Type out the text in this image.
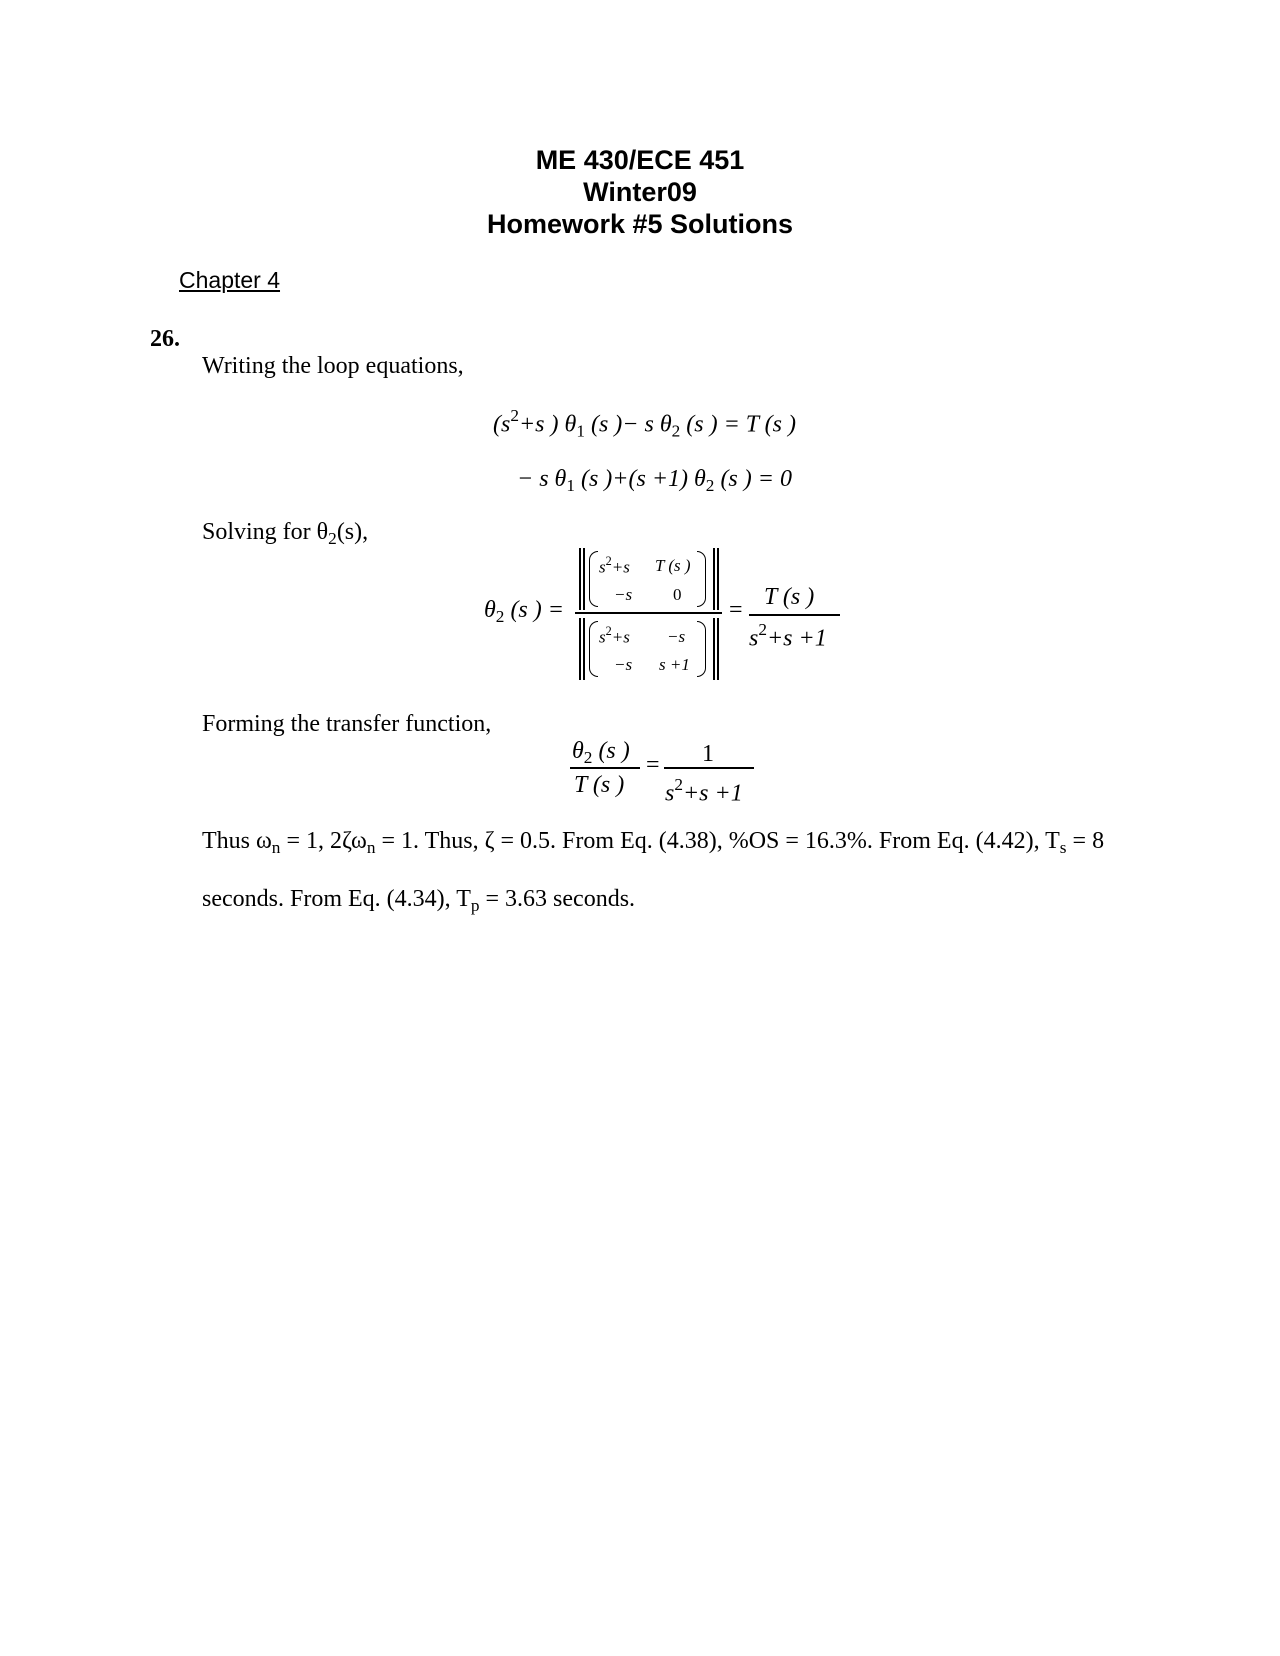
ME 430/ECE 451
Winter09
Homework #5 Solutions
Chapter 4
26.
Writing the loop equations,
($s^2+s$ ) $\theta_1$ (s )− s $\theta_2$ (s ) = T (s )
− s $\theta_1$ (s )+(s +1) $\theta_2$ (s ) = 0
Solving for $\theta_2(s)$,
$\theta_2$ (s ) =
$s^2+s$ T (s )
−s 0
$s^2+s -s$
−s s +1
= T (s )
$s^2+s +1$
Forming the transfer function,
$\theta_2$ (s )
T (s )
= 1
$s^2+s +1$
Thus $\omega_n = 1$, $2\zeta\omega_n = 1$. Thus, ζ = 0.5. From Eq. (4.38), %OS = 16.3%. From Eq. (4.42), $T_s = 8$
seconds. From Eq. (4.34), $T_p = 3.63$ seconds.
